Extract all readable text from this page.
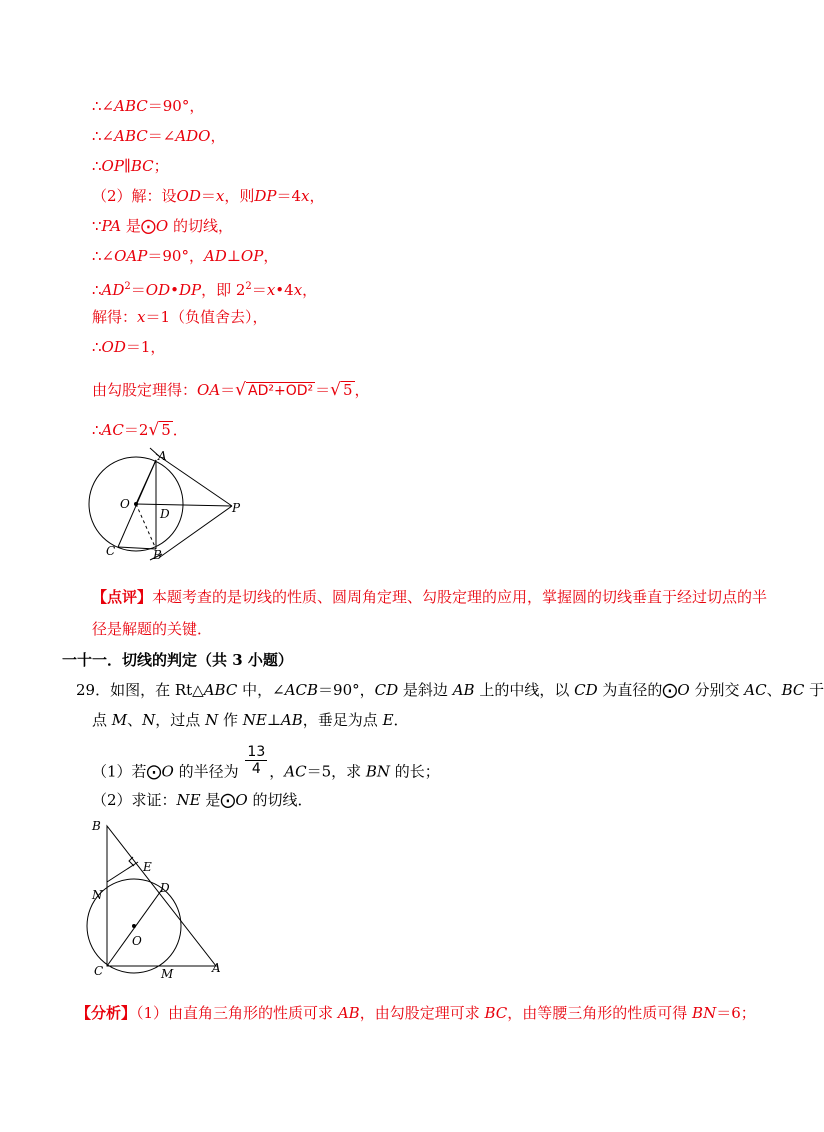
∴∠ABC＝90°，
∴∠ABC＝∠ADO，
∴OP∥BC；
（2）解：设OD＝x，则DP＝4x，
∵PA 是⨀O 的切线，
∴∠OAP＝90°，AD⊥OP，
$\therefore AD^2=OD•DP$，即 $2^2=x•4x$，
解得：x＝1（负值舍去），
∴OD＝1，
由勾股定理得：OA＝√ AD²+OD² ＝√ 5 ，
∴AC＝2√ 5 ．
A
O
D	P
C	B
【点评】本题考查的是切线的性质、圆周角定理、勾股定理的应用，掌握圆的切线垂直于经过切点的半
径是解题的关键．
一十一．切线的判定（共 3 小题）
29．如图，在 Rt△ABC 中，∠ACB＝90°，CD 是斜边 AB 上的中线，以 CD 为直径的⨀O 分别交 AC、BC 于
点 M、N，过点 N 作 NE⊥AB，垂足为点 E．
（1）若⨀O 的半径为 $\frac{13}{4}$ ，AC＝5，求 BN 的长；
（2）求证：NE 是⨀O 的切线．
B
E
D
N
O
C	M	A
【分析】（1）由直角三角形的性质可求 AB，由勾股定理可求 BC，由等腰三角形的性质可得 BN＝6；
